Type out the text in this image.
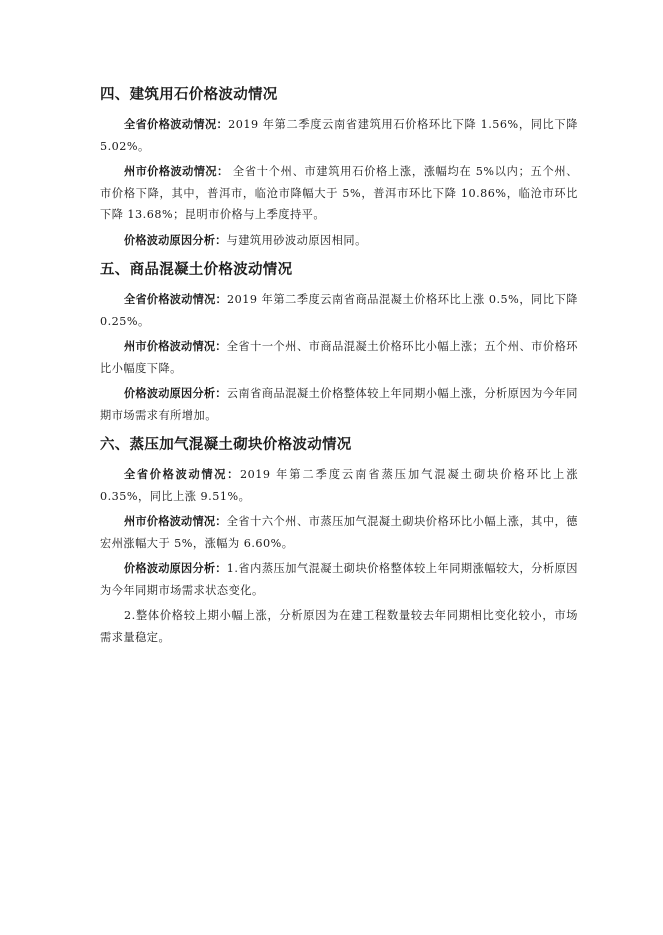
四、建筑用石价格波动情况

全省价格波动情况：2019 年第二季度云南省建筑用石价格环比下降 1.56%，同比下降 5.02%。

州市价格波动情况： 全省十个州、市建筑用石价格上涨，涨幅均在 5%以内；五个州、市价格下降，其中，普洱市，临沧市降幅大于 5%，普洱市环比下降 10.86%，临沧市环比下降 13.68%；昆明市价格与上季度持平。

价格波动原因分析：与建筑用砂波动原因相同。

五、商品混凝土价格波动情况

全省价格波动情况：2019 年第二季度云南省商品混凝土价格环比上涨 0.5%，同比下降 0.25%。

州市价格波动情况：全省十一个州、市商品混凝土价格环比小幅上涨；五个州、市价格环比小幅度下降。

价格波动原因分析：云南省商品混凝土价格整体较上年同期小幅上涨，分析原因为今年同期市场需求有所增加。

六、蒸压加气混凝土砌块价格波动情况

全省价格波动情况：2019 年第二季度云南省蒸压加气混凝土砌块价格环比上涨 0.35%，同比上涨 9.51%。

州市价格波动情况：全省十六个州、市蒸压加气混凝土砌块价格环比小幅上涨，其中，德宏州涨幅大于 5%，涨幅为 6.60%。

价格波动原因分析：1.省内蒸压加气混凝土砌块价格整体较上年同期涨幅较大，分析原因为今年同期市场需求状态变化。

2.整体价格较上期小幅上涨，分析原因为在建工程数量较去年同期相比变化较小，市场需求量稳定。
